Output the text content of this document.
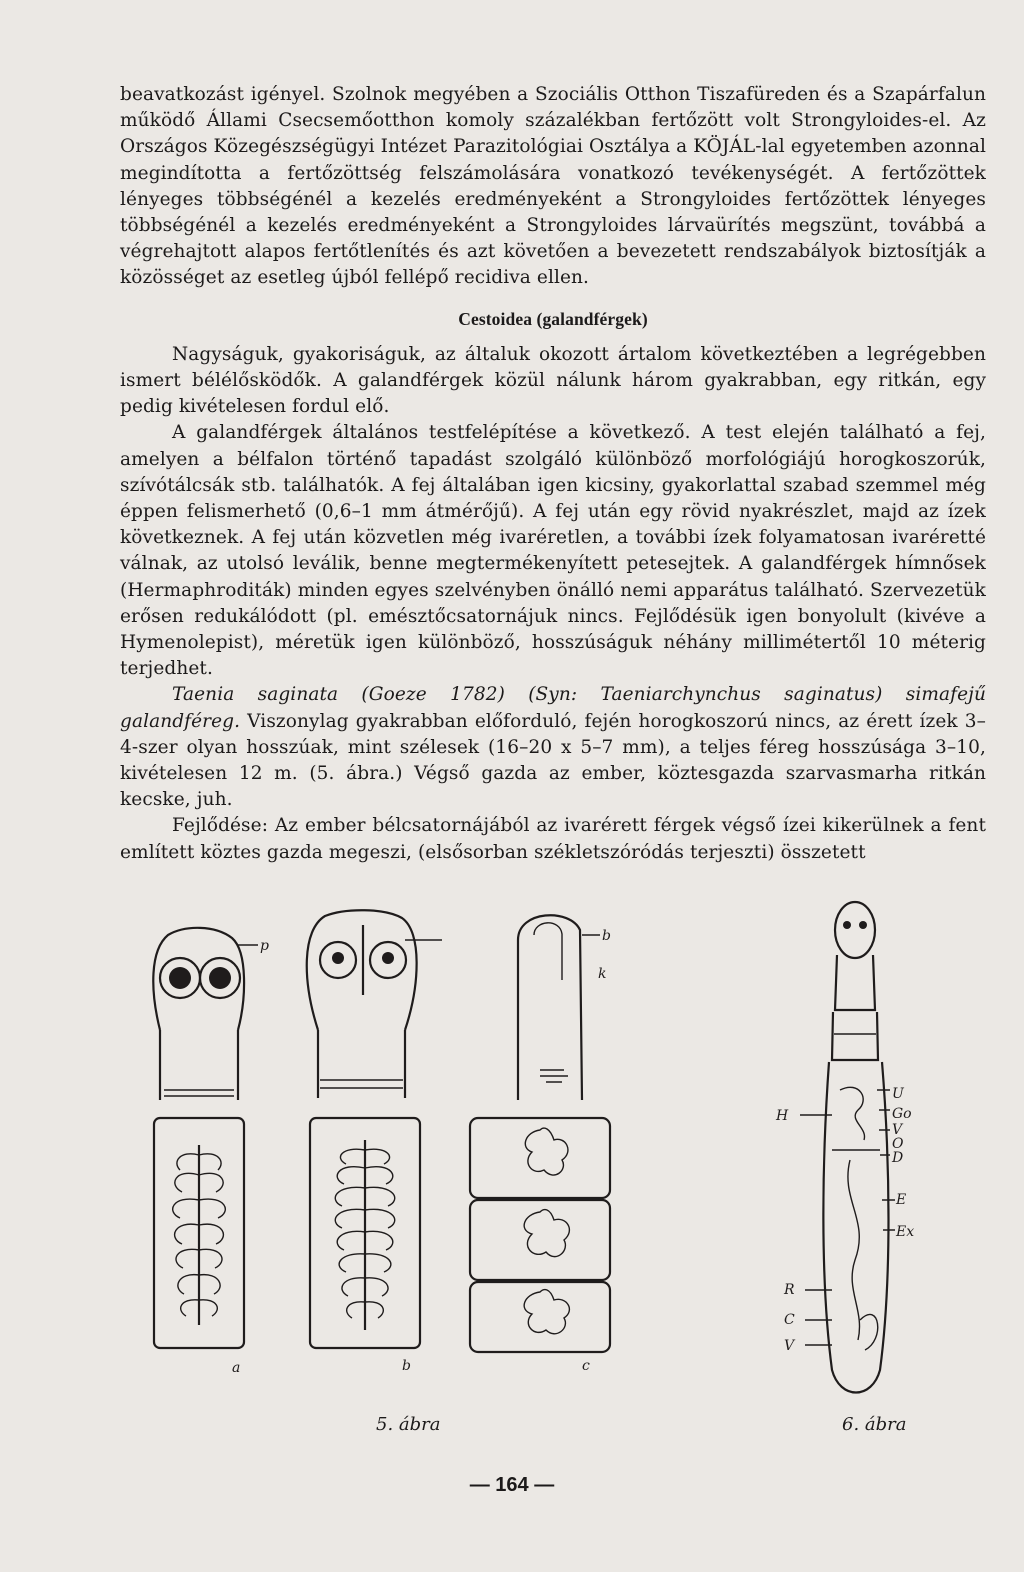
beavatkozást igényel. Szolnok megyében a Szociális Otthon Tiszafüreden és a Szapárfalun működő Állami Csecsemőotthon komoly százalékban fertőzött volt Strongyloides-el. Az Országos Közegészségügyi Intézet Parazitológiai Osztálya a KÖJÁL-lal egyetemben azonnal megindította a fertőzöttség felszámolására vonatkozó tevékenységét. A fertőzöttek lényeges többségénél a kezelés eredményeként a Strongyloides fertőzöttek lényeges többségénél a kezelés eredményeként a Strongyloides lárvaürítés megszünt, továbbá a végrehajtott alapos fertőtlenítés és azt követően a bevezetett rendszabályok biztosítják a közösséget az esetleg újból fellépő recidiva ellen.

Cestoidea (galandférgek)

Nagyságuk, gyakoriságuk, az általuk okozott ártalom következtében a legrégebben ismert bélélősködők. A galandférgek közül nálunk három gyakrabban, egy ritkán, egy pedig kivételesen fordul elő.

A galandférgek általános testfelépítése a következő. A test elején található a fej, amelyen a bélfalon történő tapadást szolgáló különböző morfológiájú horogkoszorúk, szívótálcsák stb. találhatók. A fej általában igen kicsiny, gyakorlattal szabad szemmel még éppen felismerhető (0,6–1 mm átmérőjű). A fej után egy rövid nyakrészlet, majd az ízek következnek. A fej után közvetlen még ivaréretlen, a további ízek folyamatosan ivaréretté válnak, az utolsó leválik, benne megtermékenyített petesejtek. A galandférgek hímnősek (Hermaphroditák) minden egyes szelvényben önálló nemi apparátus található. Szervezetük erősen redukálódott (pl. emésztőcsatornájuk nincs. Fejlődésük igen bonyolult (kivéve a Hymenolepist), méretük igen különböző, hosszúságuk néhány millimétertől 10 méterig terjedhet.

Taenia saginata (Goeze 1782) (Syn: Taeniarchynchus saginatus) simafejű galandféreg. Viszonylag gyakrabban előforduló, fején horogkoszorú nincs, az érett ízek 3–4-szer olyan hosszúak, mint szélesek (16–20 x 5–7 mm), a teljes féreg hosszúsága 3–10, kivételesen 12 m. (5. ábra.) Végső gazda az ember, köztesgazda szarvasmarha ritkán kecske, juh.

Fejlődése: Az ember bélcsatornájából az ivarérett férgek végső ízei kikerülnek a fent említett köztes gazda megeszi, (elsősorban székletszóródás terjeszti) összetett

p
a	b
b
k
c
U
H	Go
V
O
D
E
Ex
R
C
V
5. ábra	6. ábra
— 164 —
